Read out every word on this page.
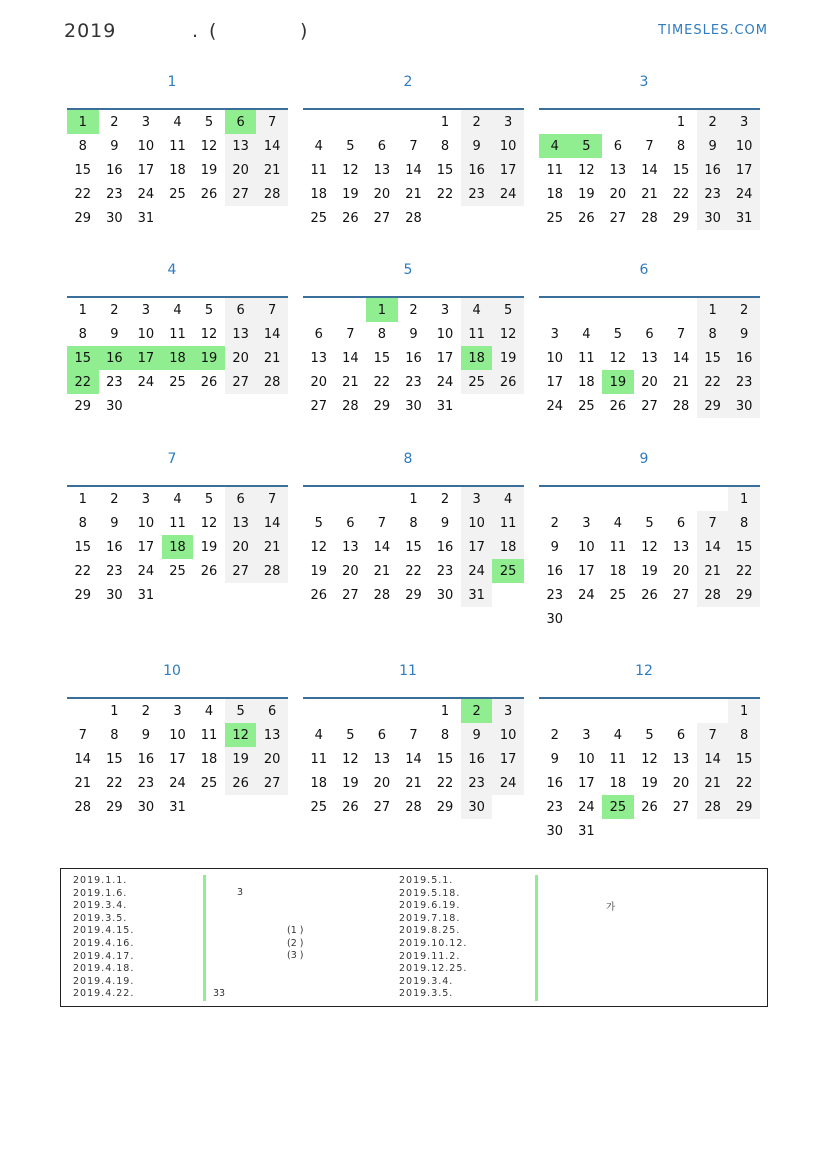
2019	. (	)	TIMESLES.COM
1
1	2	3	4	5	6	7
8	9	10	11	12	13	14
15	16	17	18	19	20	21
22	23	24	25	26	27	28
29	30	31				
2
				1	2	3
4	5	6	7	8	9	10
11	12	13	14	15	16	17
18	19	20	21	22	23	24
25	26	27	28			
3
				1	2	3
4	5	6	7	8	9	10
11	12	13	14	15	16	17
18	19	20	21	22	23	24
25	26	27	28	29	30	31
4
1	2	3	4	5	6	7
8	9	10	11	12	13	14
15	16	17	18	19	20	21
22	23	24	25	26	27	28
29	30					
5
		1	2	3	4	5
6	7	8	9	10	11	12
13	14	15	16	17	18	19
20	21	22	23	24	25	26
27	28	29	30	31		
6
					1	2
3	4	5	6	7	8	9
10	11	12	13	14	15	16
17	18	19	20	21	22	23
24	25	26	27	28	29	30
7
1	2	3	4	5	6	7
8	9	10	11	12	13	14
15	16	17	18	19	20	21
22	23	24	25	26	27	28
29	30	31				
8
			1	2	3	4
5	6	7	8	9	10	11
12	13	14	15	16	17	18
19	20	21	22	23	24	25
26	27	28	29	30	31	
9
						1
2	3	4	5	6	7	8
9	10	11	12	13	14	15
16	17	18	19	20	21	22
23	24	25	26	27	28	29
30						
10
	1	2	3	4	5	6
7	8	9	10	11	12	13
14	15	16	17	18	19	20
21	22	23	24	25	26	27
28	29	30	31			
11
				1	2	3
4	5	6	7	8	9	10
11	12	13	14	15	16	17
18	19	20	21	22	23	24
25	26	27	28	29	30	
12
						1
2	3	4	5	6	7	8
9	10	11	12	13	14	15
16	17	18	19	20	21	22
23	24	25	26	27	28	29
30	31					
2019.1.1.
2019.1.6.
2019.3.4.
2019.3.5.
2019.4.15.
2019.4.16.
2019.4.17.
2019.4.18.
2019.4.19.
2019.4.22.
3
(1 )
(2 )
(3 )
33
2019.5.1.
2019.5.18.
2019.6.19.
2019.7.18.
2019.8.25.
2019.10.12.
2019.11.2.
2019.12.25.
2019.3.4.
2019.3.5.
가
